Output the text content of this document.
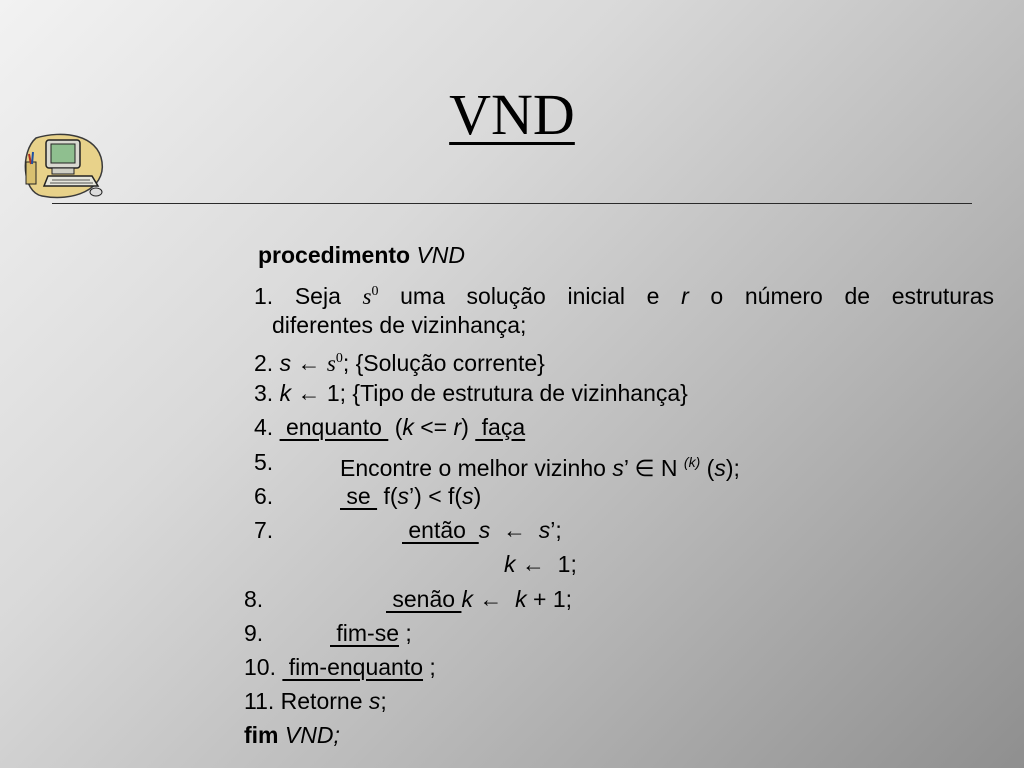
VND
procedimento VND
1. Seja $s^0$ uma solução inicial e r o número de estruturas
diferentes de vizinhança;
2. s ← $s^0$; {Solução corrente}
3. k ← 1; {Tipo de estrutura de vizinhança}
4.  enquanto  (k <= r)  faça
5.	Encontre o melhor vizinho s’ ∈ N $^{(k)}$ (s);
6.	se  f(s’) < f(s)
7.	então  s ← s’;
k ← 1;
8.	senão k ← k + 1;
9.	fim-se ;
10.  fim-enquanto ;
11. Retorne s;
fim VND;
